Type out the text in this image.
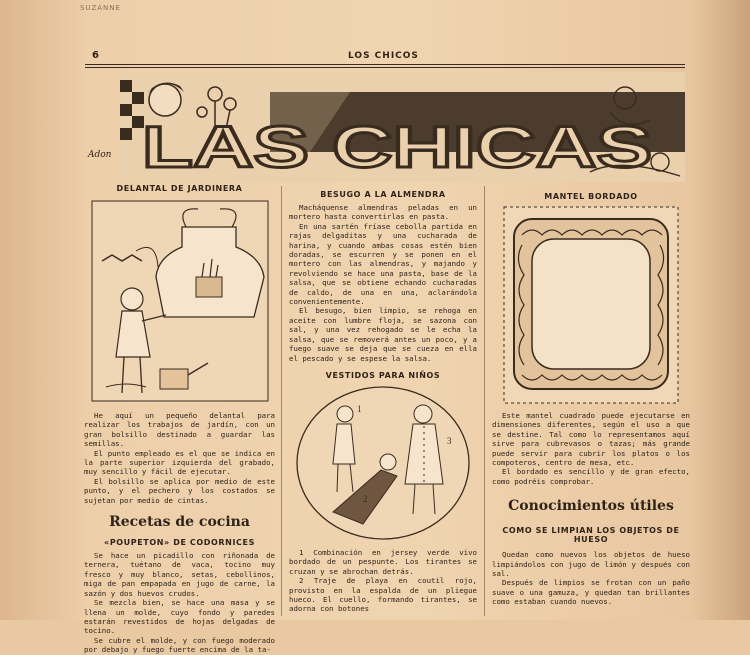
SUZANNE
6	LOS CHICOS
LAS CHICAS
Adon
DELANTAL DE JARDINERA

He aquí un pequeño delantal para realizar los trabajos de jardín, con un gran bolsillo destinado a guardar las semillas.

El punto empleado es el que se indica en la parte superior izquierda del grabado, muy sencillo y fácil de ejecutar.

El bolsillo se aplica por medio de este punto, y el pechero y los costados se sujetan por medio de cintas.

Recetas de cocina
«POUPETON» DE CODORNICES

Se hace un picadillo con riñonada de ternera, tuétano de vaca, tocino muy fresco y muy blanco, setas, cebollinos, miga de pan empapada en jugo de carne, la sazón y dos huevos crudos.

Se mezcla bien, se hace una masa y se llena un molde, cuyo fondo y paredes estarán revestidos de hojas delgadas de tocino.

Se cubre el molde, y con fuego moderado por debajo y fuego fuerte encima de la ta-

BESUGO A LA ALMENDRA

Macháquense almendras peladas en un mortero hasta convertirlas en pasta.

En una sartén fríase cebolla partida en rajas delgaditas y una cucharada de harina, y cuando ambas cosas estén bien doradas, se escurren y se ponen en el mortero con las almendras, y majando y revolviendo se hace una pasta, base de la salsa, que se obtiene echando cucharadas de caldo, de una en una, aclarándola convenientemente.

El besugo, bien limpio, se rehoga en aceite con lumbre floja, se sazona con sal, y una vez rehogado se le echa la salsa, que se removerá antes un poco, y a fuego suave se deja que se cueza en ella el pescado y se espese la salsa.

VESTIDOS PARA NIÑOS
1
2
3

1 Combinación en jersey verde vivo bordado de un pespunte. Los tirantes se cruzan y se abrochan detrás.

2 Traje de playa en coutil rojo, provisto en la espalda de un pliegue hueco. El cuello, formando tirantes, se adorna con botones

MANTEL BORDADO

Este mantel cuadrado puede ejecutarse en dimensiones diferentes, según el uso a que se destine. Tal como lo representamos aquí sirve para cubrevasos o tazas; más grande puede servir para cubrir los platos o los compoteros, centro de mesa, etc.

El bordado es sencillo y de gran efecto, como podréis comprobar.

Conocimientos útiles
COMO SE LIMPIAN LOS OBJETOS DE
HUESO

Quedan como nuevos los objetos de hueso limpiándolos con jugo de limón y después con sal.

Después de limpios se frotan con un paño suave o una gamuza, y quedan tan brillantes como estaban cuando nuevos.
